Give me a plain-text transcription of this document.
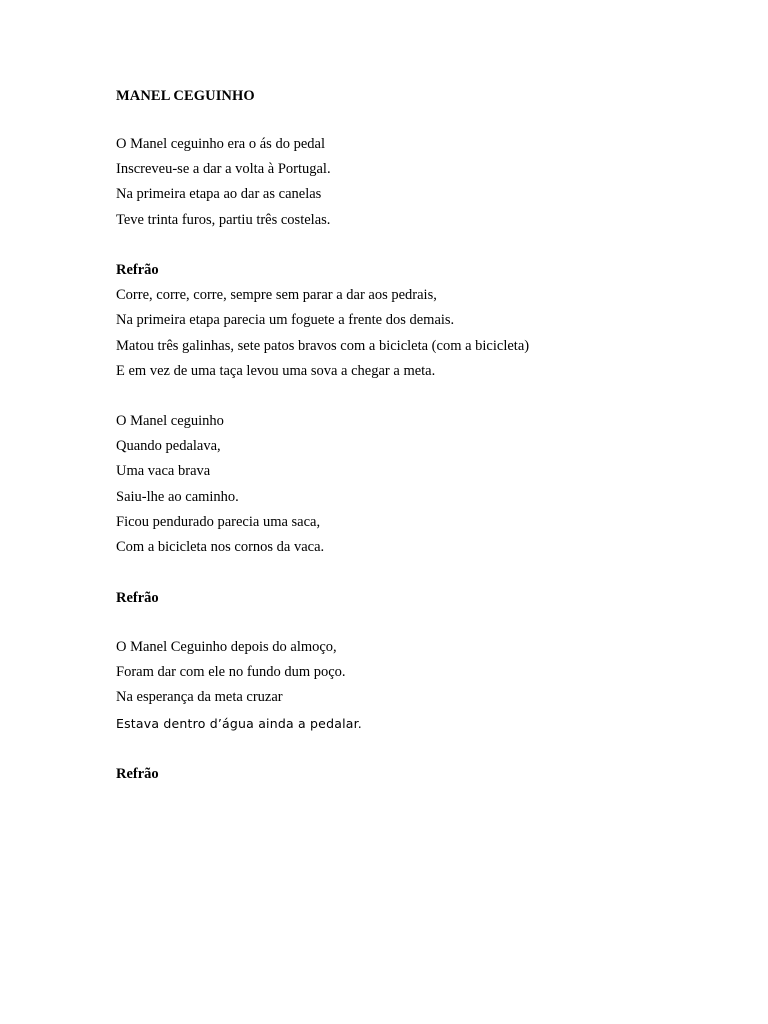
MANEL CEGUINHO
O Manel ceguinho era o ás do pedal
Inscreveu-se a dar a volta à Portugal.
Na primeira etapa ao dar as canelas
Teve trinta furos, partiu três costelas.
Refrão
Corre, corre, corre, sempre sem parar a dar aos pedrais,
Na primeira etapa parecia um foguete a frente dos demais.
Matou três galinhas, sete patos bravos com a bicicleta (com a bicicleta)
E em vez de uma taça levou uma sova a chegar a meta.
O Manel ceguinho
Quando pedalava,
Uma vaca brava
Saiu-lhe ao caminho.
Ficou pendurado parecia uma saca,
Com a bicicleta nos cornos da vaca.
Refrão
O Manel Ceguinho depois do almoço,
Foram dar com ele no fundo dum poço.
Na esperança da meta cruzar
Estava dentro d’água ainda a pedalar.
Refrão
